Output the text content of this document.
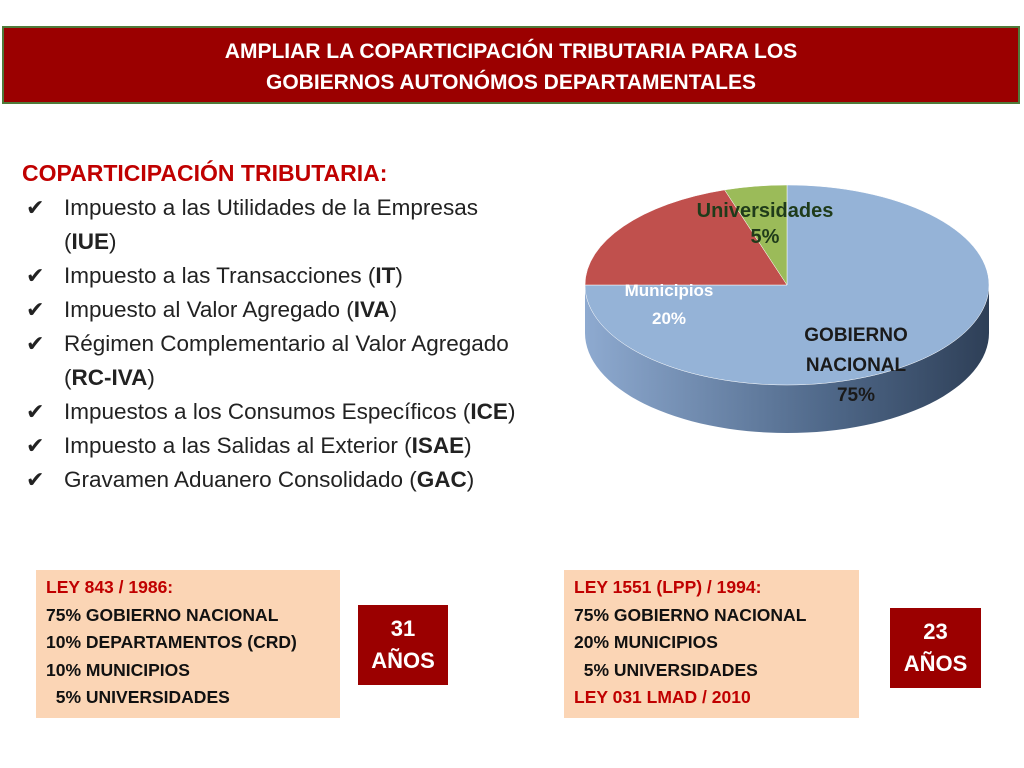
AMPLIAR LA COPARTICIPACIÓN TRIBUTARIA PARA LOS
GOBIERNOS AUTONÓMOS DEPARTAMENTALES
COPARTICIPACIÓN TRIBUTARIA:
✔ Impuesto a las Utilidades de la Empresas
(IUE)
✔ Impuesto a las Transacciones (IT)
✔ Impuesto al Valor Agregado (IVA)
✔ Régimen Complementario al Valor Agregado
(RC-IVA)
✔ Impuestos a los Consumos Específicos (ICE)
✔ Impuesto a las Salidas al Exterior (ISAE)
✔ Gravamen Aduanero Consolidado (GAC)
Universidades
5%
Municipios
20%
GOBIERNO
NACIONAL
75%
LEY 843 / 1986:
75% GOBIERNO NACIONAL
10% DEPARTAMENTOS (CRD)
10% MUNICIPIOS
5% UNIVERSIDADES
31
AÑOS
LEY 1551 (LPP) / 1994:
75% GOBIERNO NACIONAL
20% MUNICIPIOS
5% UNIVERSIDADES
LEY 031 LMAD / 2010
23
AÑOS
